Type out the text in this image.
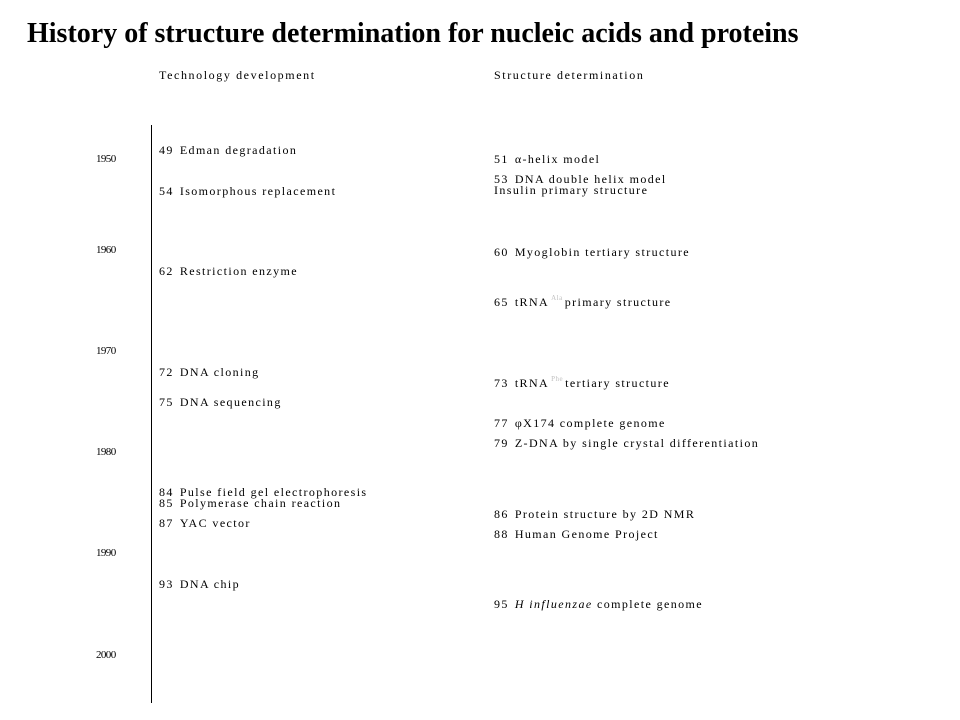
History of structure determination for nucleic acids and proteins
Technology development	Structure determination
1950
1960
1970
1980
1990
2000
49 Edman degradation
54 Isomorphous replacement
62 Restriction enzyme
72 DNA cloning
75 DNA sequencing
84 Pulse field gel electrophoresis
85 Polymerase chain reaction
87 YAC vector
93 DNA chip
51 α-helix model
53 DNA double helix model
Insulin primary structure
60 Myoglobin tertiary structure
65 tRNA $^{Ala}$ primary structure
73 tRNA $^{Phe}$ tertiary structure
77 φX174 complete genome
79 Z-DNA by single crystal differentiation
86 Protein structure by 2D NMR
88 Human Genome Project
95 H influenzae complete genome
